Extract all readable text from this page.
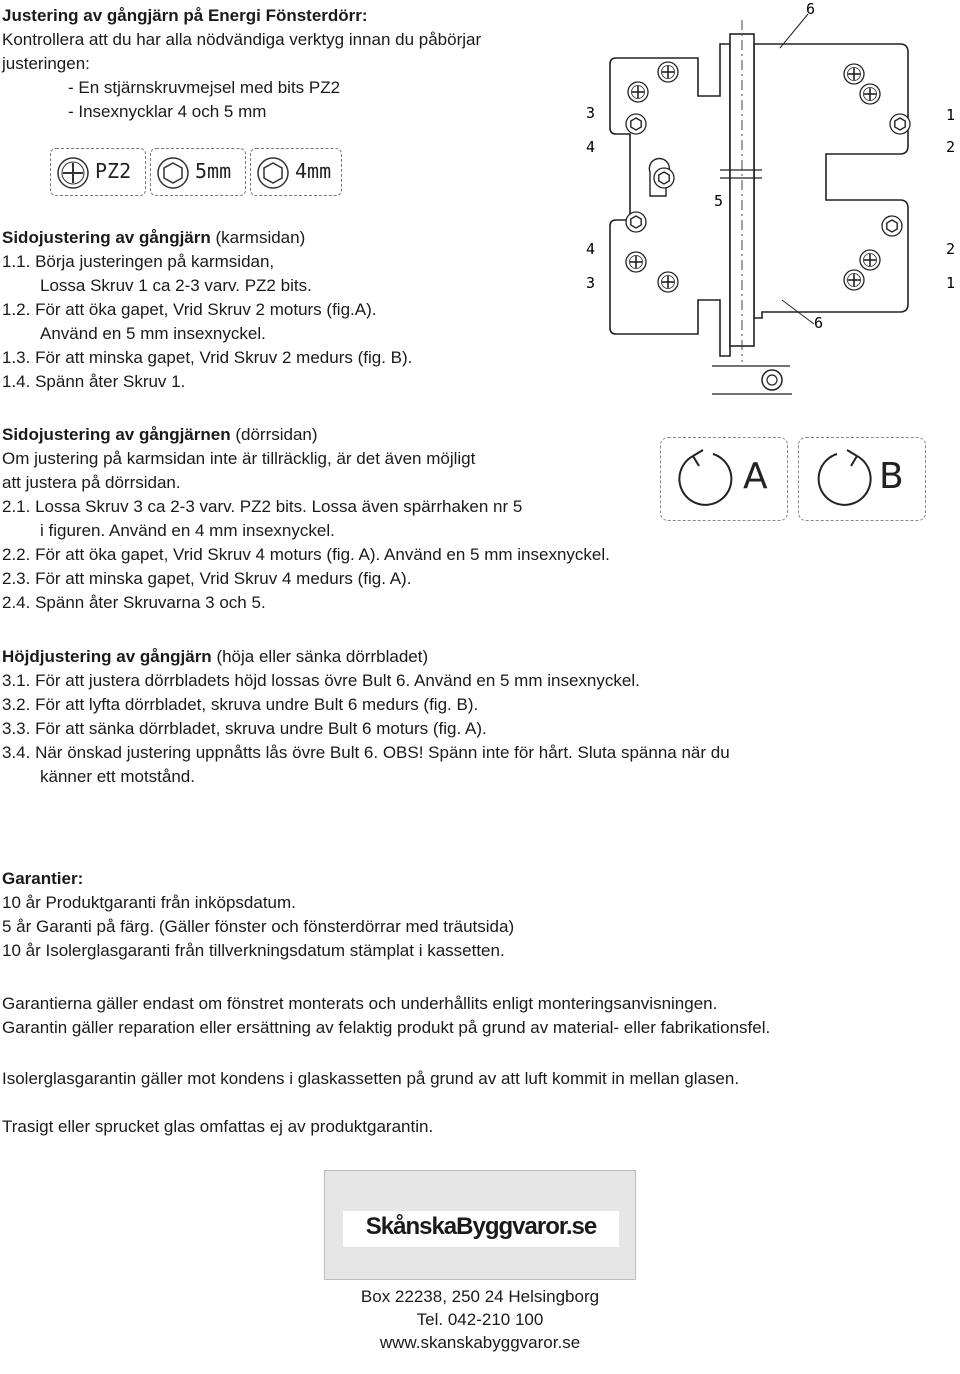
Justering av gångjärn på Energi Fönsterdörr:

Kontrollera att du har alla nödvändiga verktyg innan du påbörjar

justeringen:

- En stjärnskruvmejsel med bits PZ2

- Insexnycklar 4 och 5 mm

PZ2	5mm	4mm

Sidojustering av gångjärn (karmsidan)

1.1. Börja justeringen på karmsidan,

Lossa Skruv 1 ca 2-3 varv. PZ2 bits.

1.2. För att öka gapet, Vrid Skruv 2 moturs (fig.A).

Använd en 5 mm insexnyckel.

1.3. För att minska gapet, Vrid Skruv 2 medurs (fig. B).

1.4. Spänn åter Skruv 1.

6
3
4
1
2
5
4
3
2
1
6
A	B

Sidojustering av gångjärnen (dörrsidan)

Om justering på karmsidan inte är tillräcklig, är det även möjligt

att justera på dörrsidan.

2.1. Lossa Skruv 3 ca 2-3 varv. PZ2 bits. Lossa även spärrhaken nr 5

i figuren. Använd en 4 mm insexnyckel.

2.2. För att öka gapet, Vrid Skruv 4 moturs (fig. A). Använd en 5 mm insexnyckel.

2.3. För att minska gapet, Vrid Skruv 4 medurs (fig. A).

2.4. Spänn åter Skruvarna 3 och 5.

Höjdjustering av gångjärn (höja eller sänka dörrbladet)

3.1. För att justera dörrbladets höjd lossas övre Bult 6. Använd en 5 mm insexnyckel.

3.2. För att lyfta dörrbladet, skruva undre Bult 6 medurs (fig. B).

3.3. För att sänka dörrbladet, skruva undre Bult 6 moturs (fig. A).

3.4. När önskad justering uppnåtts lås övre Bult 6. OBS! Spänn inte för hårt. Sluta spänna när du

känner ett motstånd.

Garantier:

10 år Produktgaranti från inköpsdatum.

5 år Garanti på färg. (Gäller fönster och fönsterdörrar med träutsida)

10 år Isolerglasgaranti från tillverkningsdatum stämplat i kassetten.

Garantierna gäller endast om fönstret monterats och underhållits enligt monteringsanvisningen.

Garantin gäller reparation eller ersättning av felaktig produkt på grund av material- eller fabrikationsfel.

Isolerglasgarantin gäller mot kondens i glaskassetten på grund av att luft kommit in mellan glasen.

Trasigt eller sprucket glas omfattas ej av produktgarantin.

SkånskaByggvaror.se
Box 22238, 250 24 Helsingborg
Tel. 042-210 100
www.skanskabyggvaror.se
